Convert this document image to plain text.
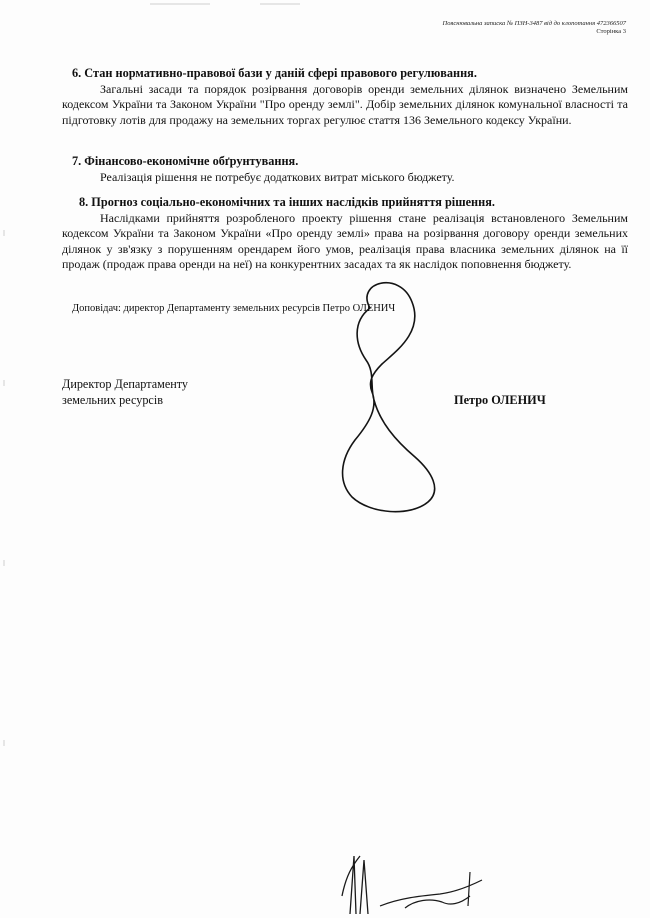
Пояснювальна записка № ПЗН-3487 від до клопотання 472366507
Сторінка 3

6. Стан нормативно-правової бази у даній сфері правового регулювання.

Загальні засади та порядок розірвання договорів оренди земельних ділянок визначено Земельним кодексом України та Законом України "Про оренду землі". Добір земельних ділянок комунальної власності та підготовку лотів для продажу на земельних торгах регулює стаття 136 Земельного кодексу України.

7. Фінансово-економічне обґрунтування.

Реалізація рішення не потребує додаткових витрат міського бюджету.

8. Прогноз соціально-економічних та інших наслідків прийняття рішення.

Наслідками прийняття розробленого проекту рішення стане реалізація встановленого Земельним кодексом України та Законом України «Про оренду землі» права на розірвання договору оренди земельних ділянок у зв'язку з порушенням орендарем його умов, реалізація права власника земельних ділянок на її продаж (продаж права оренди на неї) на конкурентних засадах та як наслідок поповнення бюджету.

Доповідач: директор Департаменту земельних ресурсів Петро ОЛЕНИЧ
Директор Департаменту
земельних ресурсів	Петро ОЛЕНИЧ
